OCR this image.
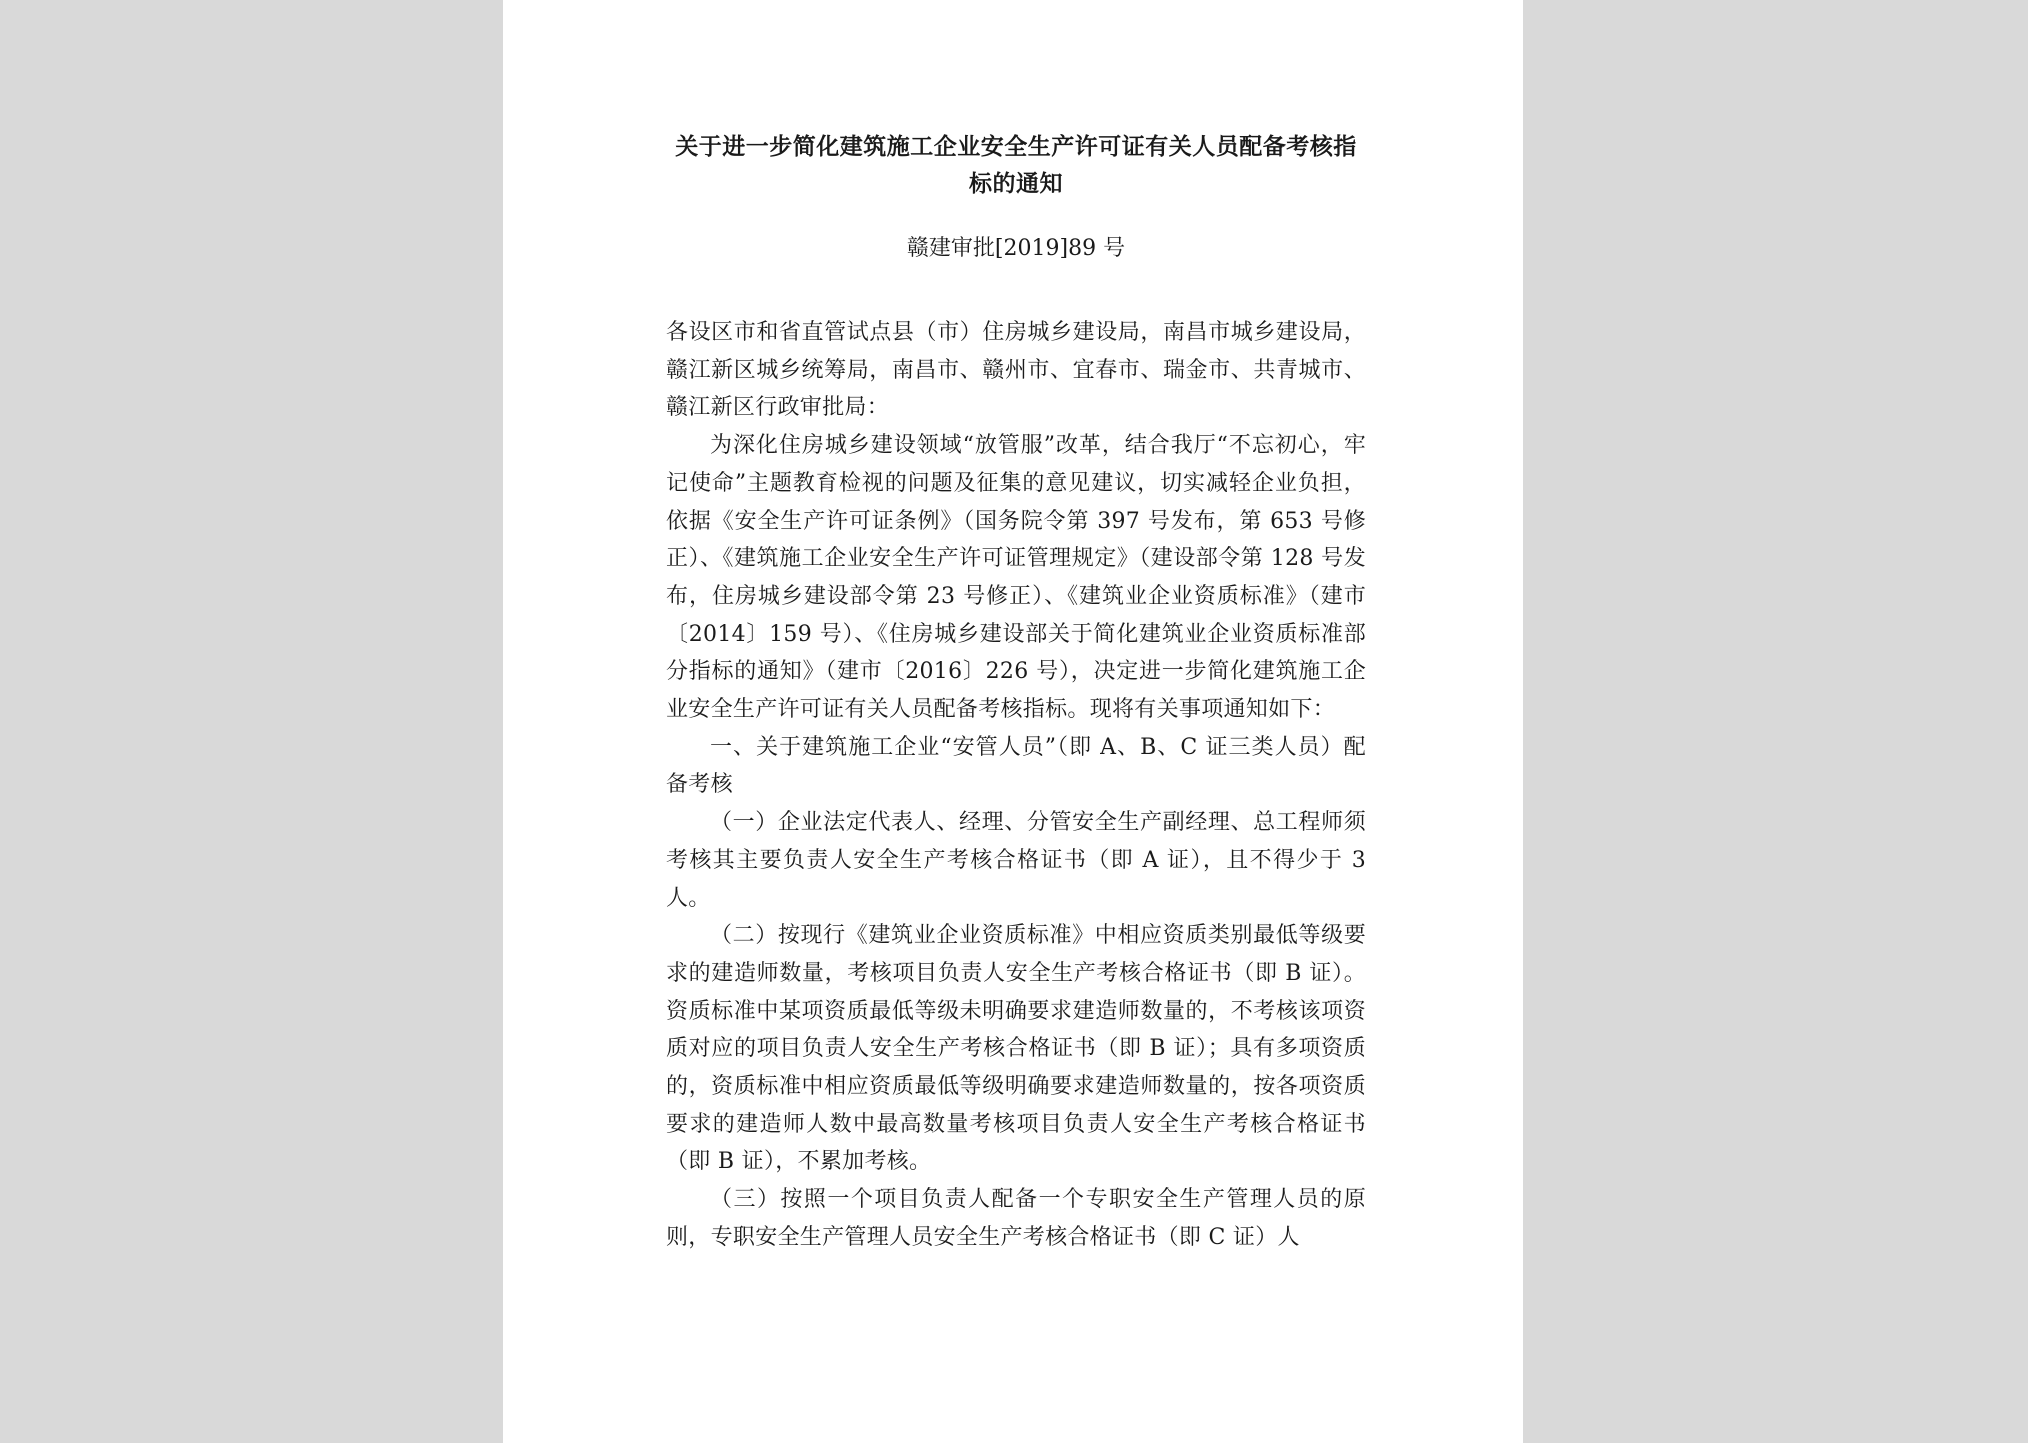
关于进一步简化建筑施工企业安全生产许可证有关人员配备考核指标的通知

赣建审批[2019]89 号

各设区市和省直管试点县（市）住房城乡建设局，南昌市城乡建设局，赣江新区城乡统筹局，南昌市、赣州市、宜春市、瑞金市、共青城市、赣江新区行政审批局：

为深化住房城乡建设领域“放管服”改革，结合我厅“不忘初心，牢记使命”主题教育检视的问题及征集的意见建议，切实减轻企业负担，依据《安全生产许可证条例》（国务院令第 397 号发布，第 653 号修正）、《建筑施工企业安全生产许可证管理规定》（建设部令第 128 号发布，住房城乡建设部令第 23 号修正）、《建筑业企业资质标准》（建市〔2014〕159 号）、《住房城乡建设部关于简化建筑业企业资质标准部分指标的通知》（建市〔2016〕226 号），决定进一步简化建筑施工企业安全生产许可证有关人员配备考核指标。现将有关事项通知如下：

一、关于建筑施工企业“安管人员”（即 A、B、C 证三类人员）配备考核

（一）企业法定代表人、经理、分管安全生产副经理、总工程师须考核其主要负责人安全生产考核合格证书（即 A 证），且不得少于 3 人。

（二）按现行《建筑业企业资质标准》中相应资质类别最低等级要求的建造师数量，考核项目负责人安全生产考核合格证书（即 B 证）。资质标准中某项资质最低等级未明确要求建造师数量的，不考核该项资质对应的项目负责人安全生产考核合格证书（即 B 证）；具有多项资质的，资质标准中相应资质最低等级明确要求建造师数量的，按各项资质要求的建造师人数中最高数量考核项目负责人安全生产考核合格证书（即 B 证），不累加考核。

（三）按照一个项目负责人配备一个专职安全生产管理人员的原则，专职安全生产管理人员安全生产考核合格证书（即 C 证）人
